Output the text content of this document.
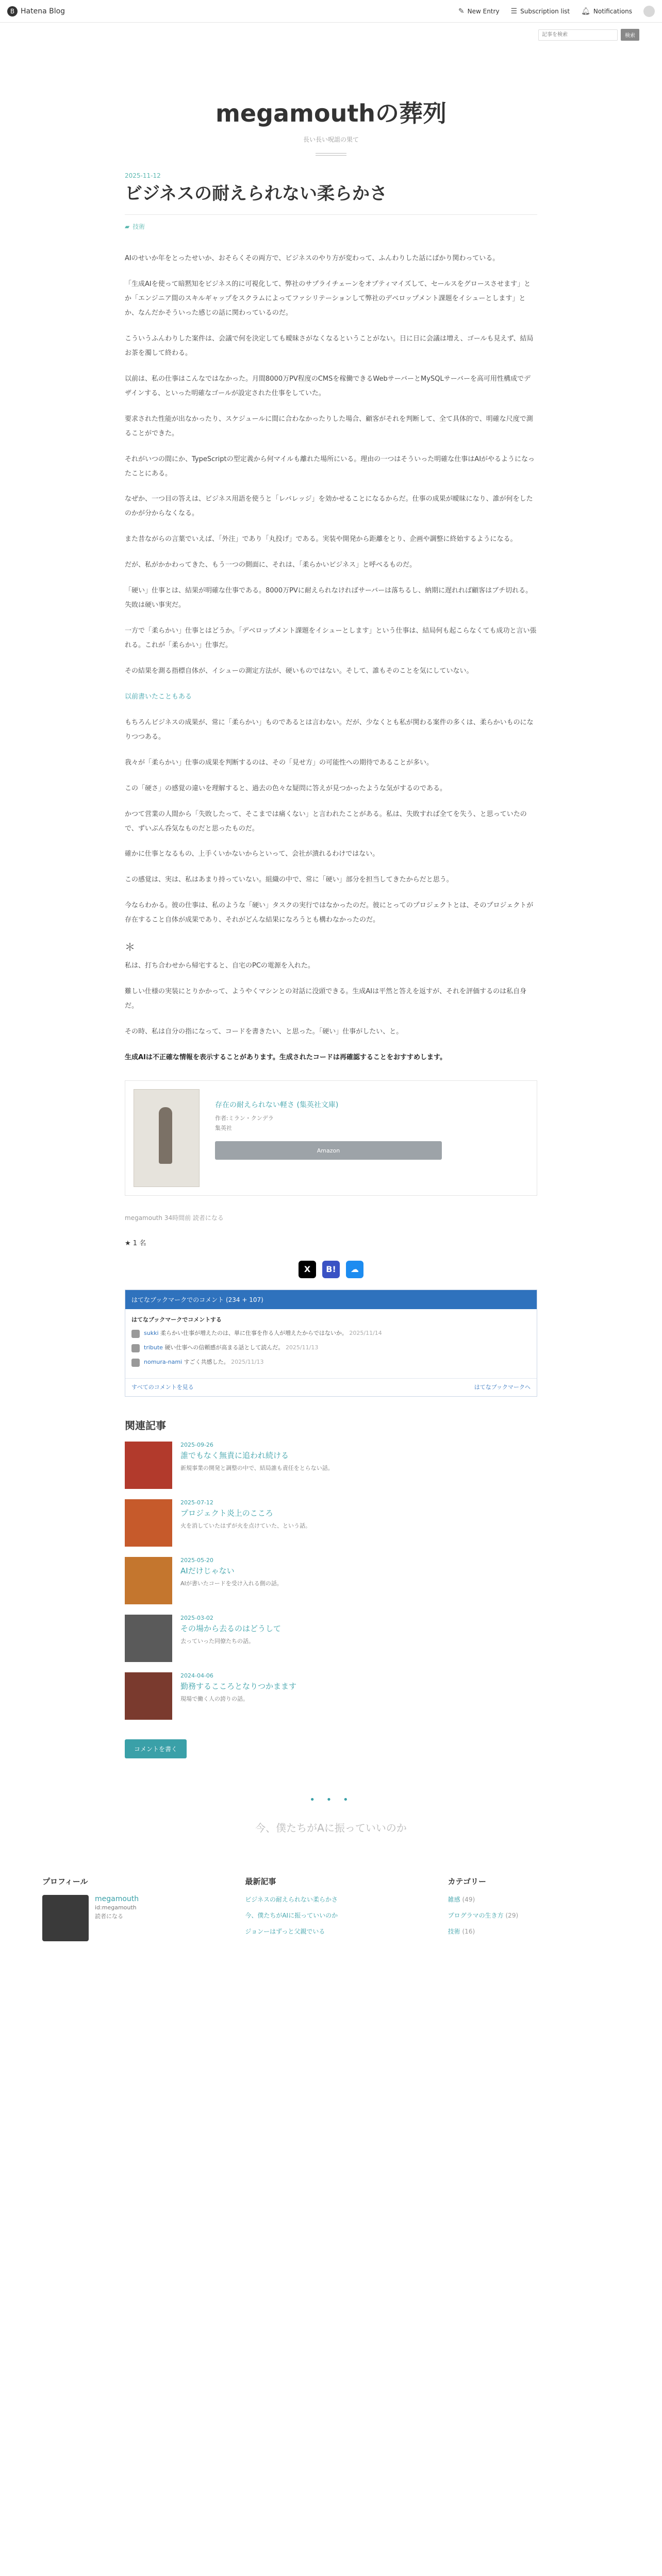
B Hatena Blog	✎ New Entry ☰ Subscription list 🔔︎ Notifications
記事を検索
検索
megamouthの葬列
長い長い呪詛の果て
2025-11-12
ビジネスの耐えられない柔らかさ
▰ 技術

AIのせいか年をとったせいか、おそらくその両方で、ビジネスのやり方が変わって、ふんわりした話にばかり関わっている。

「生成AIを使って暗黙知をビジネス的に可視化して、弊社のサプライチェーンをオプティマイズして、セールスをグロースさせます」とか「エンジニア間のスキルギャップをスクラムによってファシリテーションして弊社のデベロップメント課題をイシューとします」とか、なんだかそういった感じの話に関わっているのだ。

こういうふんわりした案件は、会議で何を決定しても曖昧さがなくなるということがない。日に日に会議は増え、ゴールも見えず、結局お茶を濁して終わる。

以前は、私の仕事はこんなではなかった。月間8000万PV程度のCMSを稼働できるWebサーバーとMySQLサーバーを高可用性構成でデザインする、といった明確なゴールが設定された仕事をしていた。

要求された性能が出なかったり、スケジュールに間に合わなかったりした場合、顧客がそれを判断して、全て具体的で、明確な尺度で測ることができた。

それがいつの間にか、TypeScriptの型定義から何マイルも離れた場所にいる。理由の一つはそういった明確な仕事はAIがやるようになったことにある。

なぜか、一つ目の答えは、ビジネス用語を使うと「レバレッジ」を効かせることになるからだ。仕事の成果が曖昧になり、誰が何をしたのかが分からなくなる。

また昔ながらの言葉でいえば、「外注」であり「丸投げ」である。実装や開発から距離をとり、企画や調整に終始するようになる。

だが、私がかかわってきた、もう一つの側面に、それは、「柔らかいビジネス」と呼べるものだ。

「硬い」仕事とは、結果が明確な仕事である。8000万PVに耐えられなければサーバーは落ちるし、納期に遅れれば顧客はブチ切れる。失敗は硬い事実だ。

一方で「柔らかい」仕事とはどうか。「デベロップメント課題をイシューとします」という仕事は、結局何も起こらなくても成功と言い張れる。これが「柔らかい」仕事だ。

その結果を測る指標自体が、イシューの測定方法が、硬いものではない。そして、誰もそのことを気にしていない。

以前書いたこともある

もちろんビジネスの成果が、常に「柔らかい」ものであるとは言わない。だが、少なくとも私が関わる案件の多くは、柔らかいものになりつつある。

我々が「柔らかい」仕事の成果を判断するのは、その「見せ方」の可能性への期待であることが多い。

この「硬さ」の感覚の違いを理解すると、過去の色々な疑問に答えが見つかったような気がするのである。

かつて営業の人間から「失敗したって、そこまでは痛くない」と言われたことがある。私は、失敗すれば全てを失う、と思っていたので、ずいぶん呑気なものだと思ったものだ。

確かに仕事となるもの、上手くいかないからといって、会社が潰れるわけではない。

この感覚は、実は、私はあまり持っていない。組織の中で、常に「硬い」部分を担当してきたからだと思う。

今ならわかる。彼の仕事は、私のような「硬い」タスクの実行ではなかったのだ。彼にとってのプロジェクトとは、そのプロジェクトが存在すること自体が成果であり、それがどんな結果になろうとも構わなかったのだ。

＊

私は、打ち合わせから帰宅すると、自宅のPCの電源を入れた。

難しい仕様の実装にとりかかって、ようやくマシンとの対話に没頭できる。生成AIは平然と答えを返すが、それを評価するのは私自身だ。

その時、私は自分の指になって、コードを書きたい、と思った。「硬い」仕事がしたい、と。

生成AIは不正確な情報を表示することがあります。生成されたコードは再確認することをおすすめします。

存在の耐えられない軽さ (集英社文庫)
作者:ミラン・クンデラ
集英社
Amazon
megamouth 34時間前 読者になる
★ 1 名
X	B!	☁
はてなブックマークでのコメント (234 + 107)
はてなブックマークでコメントする
sukki 柔らかい仕事が増えたのは、単に仕事を作る人が増えたからではないか。 2025/11/14
tribute 硬い仕事への信頼感が高まる話として読んだ。 2025/11/13
nomura-nami すごく共感した。 2025/11/13
すべてのコメントを見る	はてなブックマークへ
関連記事
2025-09-26
誰でもなく無責に追われ続ける
新規事業の開発と調整の中で、結局誰も責任をとらない話。
2025-07-12
プロジェクト炎上のこころ
火を消していたはずが火を点けていた、という話。
2025-05-20
AIだけじゃない
AIが書いたコードを受け入れる側の話。
2025-03-02
その場から去るのはどうして
去っていった同僚たちの話。
2024-04-06
勤務するこころとなりつかまます
現場で働く人の誇りの話。
コメントを書く
• • •
今、僕たちがAに振っていいのか
プロフィール
megamouth
id:megamouth
読者になる
最新記事
ビジネスの耐えられない柔らかさ
今、僕たちがAIに振っていいのか
ジョンーはずっと父親でいる
カテゴリー
雑感 (49)
プログラマの生き方 (29)
技術 (16)
